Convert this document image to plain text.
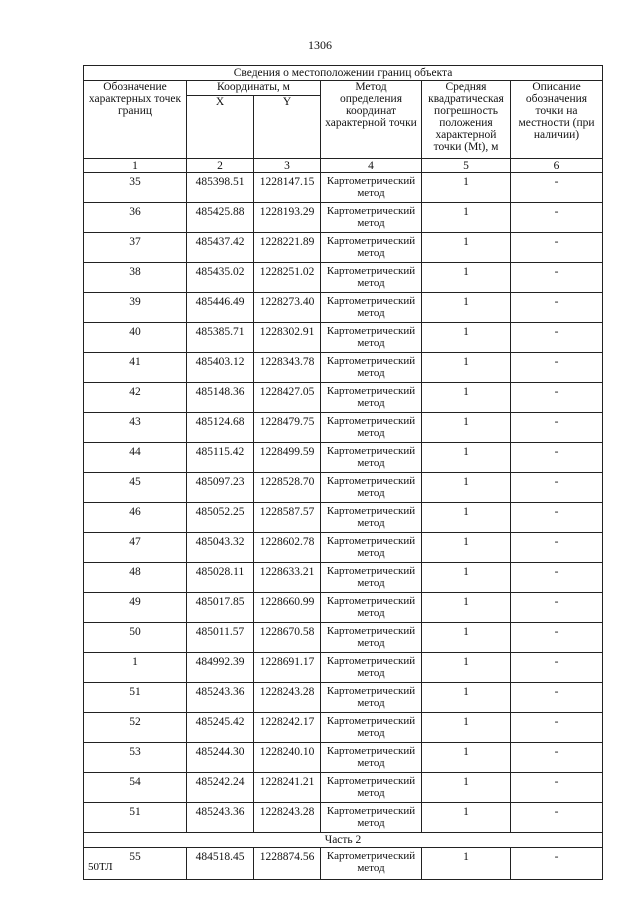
1306
Сведения о местоположении границ объекта					
Обозначение характерных точек границ	Координаты, м		Метод определения координат характерной точки	Средняя квадратическая погрешность положения характерной точки (Mt), м	Описание обозначения точки на местности (при наличии)
	X	Y			
1	2	3	4	5	6
35	485398.51	1228147.15	Картометрический метод	1	-
36	485425.88	1228193.29	Картометрический метод	1	-
37	485437.42	1228221.89	Картометрический метод	1	-
38	485435.02	1228251.02	Картометрический метод	1	-
39	485446.49	1228273.40	Картометрический метод	1	-
40	485385.71	1228302.91	Картометрический метод	1	-
41	485403.12	1228343.78	Картометрический метод	1	-
42	485148.36	1228427.05	Картометрический метод	1	-
43	485124.68	1228479.75	Картометрический метод	1	-
44	485115.42	1228499.59	Картометрический метод	1	-
45	485097.23	1228528.70	Картометрический метод	1	-
46	485052.25	1228587.57	Картометрический метод	1	-
47	485043.32	1228602.78	Картометрический метод	1	-
48	485028.11	1228633.21	Картометрический метод	1	-
49	485017.85	1228660.99	Картометрический метод	1	-
50	485011.57	1228670.58	Картометрический метод	1	-
1	484992.39	1228691.17	Картометрический метод	1	-
51	485243.36	1228243.28	Картометрический метод	1	-
52	485245.42	1228242.17	Картометрический метод	1	-
53	485244.30	1228240.10	Картометрический метод	1	-
54	485242.24	1228241.21	Картометрический метод	1	-
51	485243.36	1228243.28	Картометрический метод	1	-
Часть 2					
55	484518.45	1228874.56	Картометрический метод	1	-
50ТЛ
